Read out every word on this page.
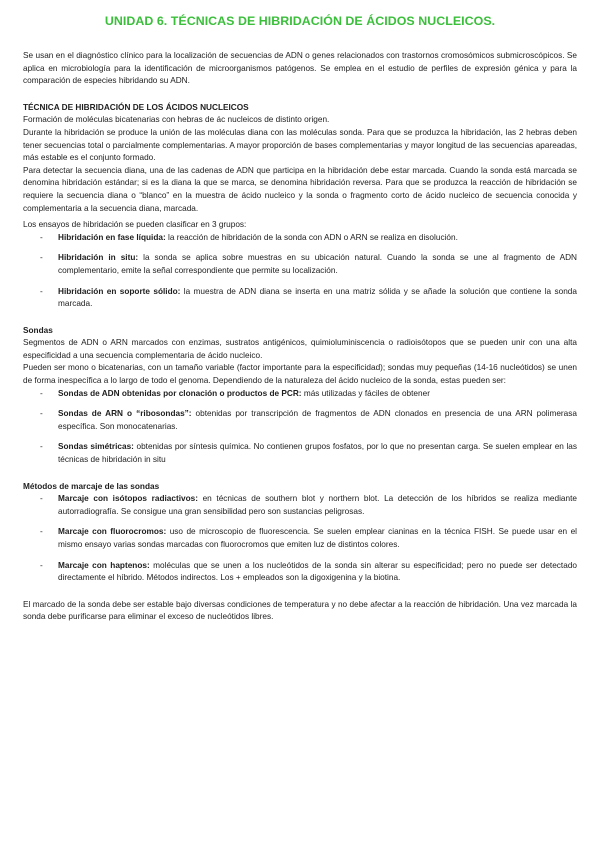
UNIDAD 6. TÉCNICAS DE HIBRIDACIÓN DE ÁCIDOS NUCLEICOS.

Se usan en el diagnóstico clínico para la localización de secuencias de ADN o genes relacionados con trastornos cromosómicos submicroscópicos. Se aplica en microbiología para la identificación de microorganismos patógenos. Se emplea en el estudio de perfiles de expresión génica y para la comparación de especies hibridando su ADN.

TÉCNICA DE HIBRIDACIÓN DE LOS ÁCIDOS NUCLEICOS

Formación de moléculas bicatenarias con hebras de ác nucleicos de distinto origen.

Durante la hibridación se produce la unión de las moléculas diana con las moléculas sonda. Para que se produzca la hibridación, las 2 hebras deben tener secuencias total o parcialmente complementarias. A mayor proporción de bases complementarias y mayor longitud de las secuencias apareadas, más estable es el conjunto formado.

Para detectar la secuencia diana, una de las cadenas de ADN que participa en la hibridación debe estar marcada. Cuando la sonda está marcada se denomina hibridación estándar; si es la diana la que se marca, se denomina hibridación reversa. Para que se produzca la reacción de hibridación se requiere la secuencia diana o “blanco” en la muestra de ácido nucleico y la sonda o fragmento corto de ácido nucleico de secuencia conocida y complementaria a la secuencia diana, marcada.

Los ensayos de hibridación se pueden clasificar en 3 grupos:

- Hibridación en fase líquida: la reacción de hibridación de la sonda con ADN o ARN se realiza en disolución.
- Hibridación in situ: la sonda se aplica sobre muestras en su ubicación natural. Cuando la sonda se une al fragmento de ADN complementario, emite la señal correspondiente que permite su localización.
- Hibridación en soporte sólido: la muestra de ADN diana se inserta en una matriz sólida y se añade la solución que contiene la sonda marcada.
Sondas

Segmentos de ADN o ARN marcados con enzimas, sustratos antigénicos, quimioluminiscencia o radioisótopos que se pueden unir con una alta especificidad a una secuencia complementaria de ácido nucleico.

Pueden ser mono o bicatenarias, con un tamaño variable (factor importante para la especificidad); sondas muy pequeñas (14-16 nucleótidos) se unen de forma inespecífica a lo largo de todo el genoma. Dependiendo de la naturaleza del ácido nucleico de la sonda, estas pueden ser:

- Sondas de ADN obtenidas por clonación o productos de PCR: más utilizadas y fáciles de obtener
- Sondas de ARN o “ribosondas”: obtenidas por transcripción de fragmentos de ADN clonados en presencia de una ARN polimerasa específica. Son monocatenarias.
- Sondas simétricas: obtenidas por síntesis química. No contienen grupos fosfatos, por lo que no presentan carga. Se suelen emplear en las técnicas de hibridación in situ
Métodos de marcaje de las sondas
- Marcaje con isótopos radiactivos: en técnicas de southern blot y northern blot. La detección de los híbridos se realiza mediante autorradiografía. Se consigue una gran sensibilidad pero son sustancias peligrosas.
- Marcaje con fluorocromos: uso de microscopio de fluorescencia. Se suelen emplear cianinas en la técnica FISH. Se puede usar en el mismo ensayo varias sondas marcadas con fluorocromos que emiten luz de distintos colores.
- Marcaje con haptenos: moléculas que se unen a los nucleótidos de la sonda sin alterar su especificidad; pero no puede ser detectado directamente el híbrido. Métodos indirectos. Los + empleados son la digoxigenina y la biotina.

El marcado de la sonda debe ser estable bajo diversas condiciones de temperatura y no debe afectar a la reacción de hibridación. Una vez marcada la sonda debe purificarse para eliminar el exceso de nucleótidos libres.
